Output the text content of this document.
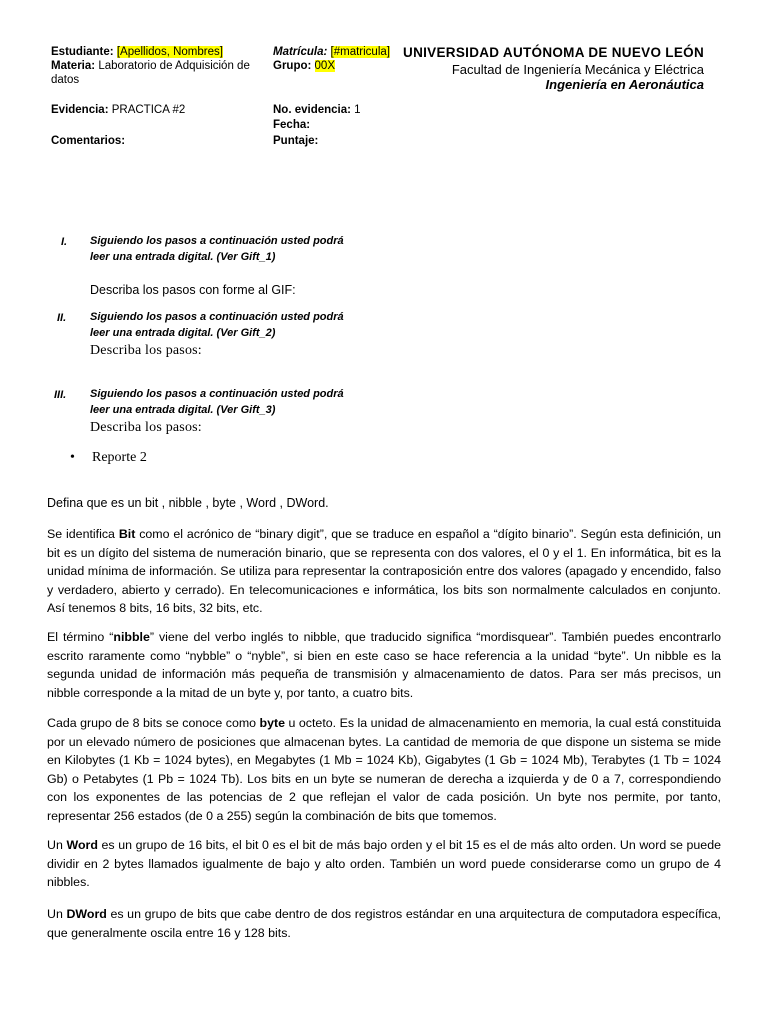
Estudiante: [Apellidos, Nombres]
Materia: Laboratorio de Adquisición de datos
Evidencia: PRACTICA #2
Comentarios:
Matrícula: [#matricula]
Grupo: 00X
No. evidencia: 1
Fecha:
Puntaje:
UNIVERSIDAD AUTÓNOMA DE NUEVO LEÓN
Facultad de Ingeniería Mecánica y Eléctrica
Ingeniería en Aeronáutica
I. Siguiendo los pasos a continuación usted podrá leer una entrada digital. (Ver Gift_1)
Describa los pasos con forme al GIF:
II. Siguiendo los pasos a continuación usted podrá leer una entrada digital. (Ver Gift_2)
Describa los pasos:
III. Siguiendo los pasos a continuación usted podrá leer una entrada digital. (Ver Gift_3)
Describa los pasos:
• Reporte 2
Defina que es un bit , nibble , byte , Word , DWord.

Se identifica Bit como el acrónico de “binary digit”, que se traduce en español a “dígito binario”. Según esta definición, un bit es un dígito del sistema de numeración binario, que se representa con dos valores, el 0 y el 1. En informática, bit es la unidad mínima de información. Se utiliza para representar la contraposición entre dos valores (apagado y encendido, falso y verdadero, abierto y cerrado). En telecomunicaciones e informática, los bits son normalmente calculados en conjunto. Así tenemos 8 bits, 16 bits, 32 bits, etc.

El término “nibble” viene del verbo inglés to nibble, que traducido significa “mordisquear”. También puedes encontrarlo escrito raramente como “nybble” o “nyble”, si bien en este caso se hace referencia a la unidad “byte”. Un nibble es la segunda unidad de información más pequeña de transmisión y almacenamiento de datos. Para ser más precisos, un nibble corresponde a la mitad de un byte y, por tanto, a cuatro bits.

Cada grupo de 8 bits se conoce como byte u octeto. Es la unidad de almacenamiento en memoria, la cual está constituida por un elevado número de posiciones que almacenan bytes. La cantidad de memoria de que dispone un sistema se mide en Kilobytes (1 Kb = 1024 bytes), en Megabytes (1 Mb = 1024 Kb), Gigabytes (1 Gb = 1024 Mb), Terabytes (1 Tb = 1024 Gb) o Petabytes (1 Pb = 1024 Tb). Los bits en un byte se numeran de derecha a izquierda y de 0 a 7, correspondiendo con los exponentes de las potencias de 2 que reflejan el valor de cada posición. Un byte nos permite, por tanto, representar 256 estados (de 0 a 255) según la combinación de bits que tomemos.

Un Word es un grupo de 16 bits, el bit 0 es el bit de más bajo orden y el bit 15 es el de más alto orden. Un word se puede dividir en 2 bytes llamados igualmente de bajo y alto orden. También un word puede considerarse como un grupo de 4 nibbles.

Un DWord es un grupo de bits que cabe dentro de dos registros estándar en una arquitectura de computadora específica, que generalmente oscila entre 16 y 128 bits.
